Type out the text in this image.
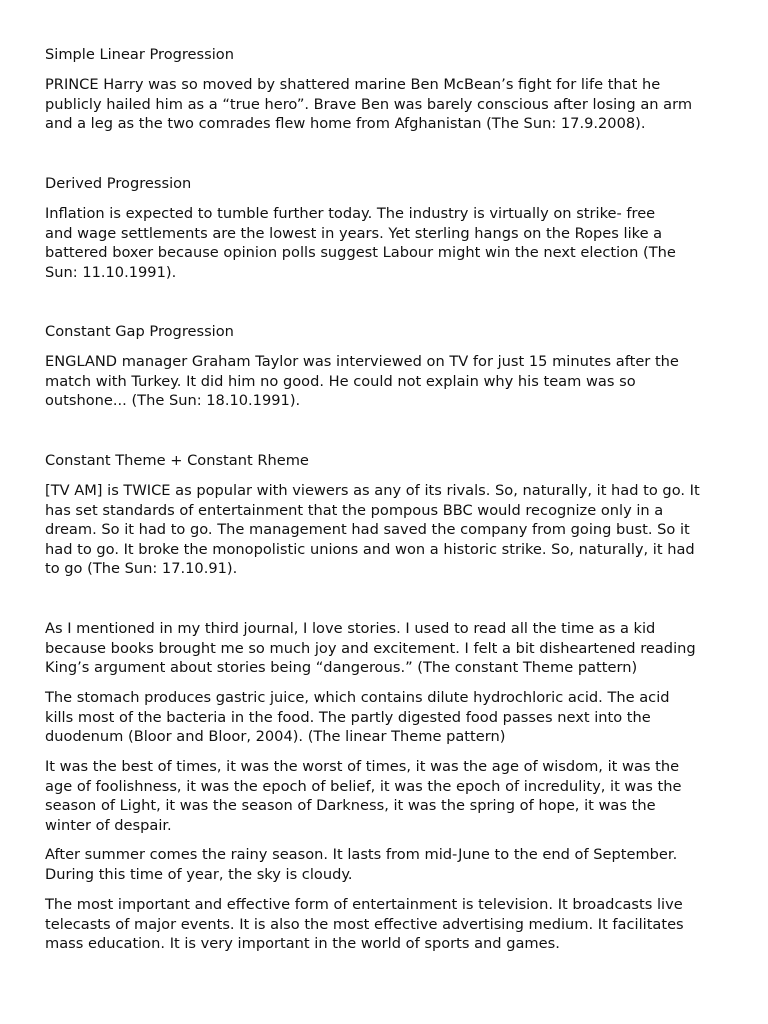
Simple Linear Progression

PRINCE Harry was so moved by shattered marine Ben McBean’s fight for life that he
publicly hailed him as a “true hero”. Brave Ben was barely conscious after losing an arm
and a leg as the two comrades flew home from Afghanistan (The Sun: 17.9.2008).

Derived Progression

Inflation is expected to tumble further today. The industry is virtually on strike- free
and wage settlements are the lowest in years. Yet sterling hangs on the Ropes like a
battered boxer because opinion polls suggest Labour might win the next election (The
Sun: 11.10.1991).

Constant Gap Progression

ENGLAND manager Graham Taylor was interviewed on TV for just 15 minutes after the
match with Turkey. It did him no good. He could not explain why his team was so
outshone... (The Sun: 18.10.1991).

Constant Theme + Constant Rheme

[TV AM] is TWICE as popular with viewers as any of its rivals. So, naturally, it had to go. It
has set standards of entertainment that the pompous BBC would recognize only in a
dream. So it had to go. The management had saved the company from going bust. So it
had to go. It broke the monopolistic unions and won a historic strike. So, naturally, it had
to go (The Sun: 17.10.91).

As I mentioned in my third journal, I love stories. I used to read all the time as a kid
because books brought me so much joy and excitement. I felt a bit disheartened reading
King’s argument about stories being “dangerous.” (The constant Theme pattern)

The stomach produces gastric juice, which contains dilute hydrochloric acid. The acid
kills most of the bacteria in the food. The partly digested food passes next into the
duodenum (Bloor and Bloor, 2004). (The linear Theme pattern)

It was the best of times, it was the worst of times, it was the age of wisdom, it was the
age of foolishness, it was the epoch of belief, it was the epoch of incredulity, it was the
season of Light, it was the season of Darkness, it was the spring of hope, it was the
winter of despair.

After summer comes the rainy season. It lasts from mid-June to the end of September.
During this time of year, the sky is cloudy.

The most important and effective form of entertainment is television. It broadcasts live
telecasts of major events. It is also the most effective advertising medium. It facilitates
mass education. It is very important in the world of sports and games.
